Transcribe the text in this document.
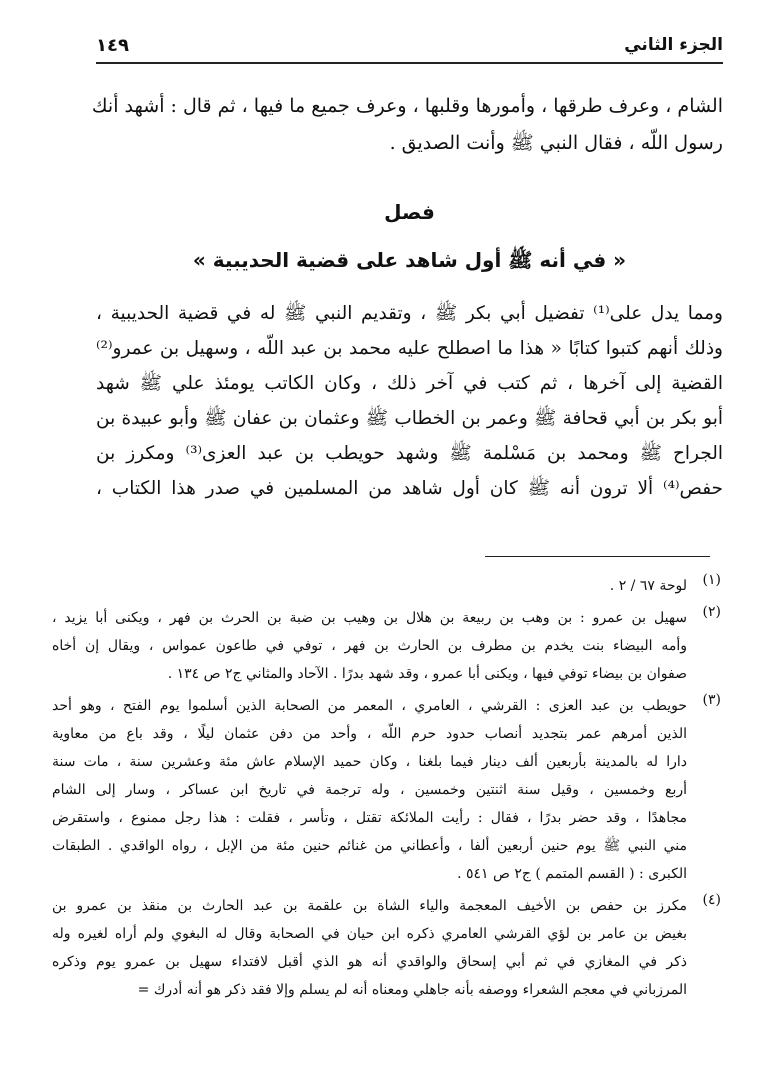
الجزء الثاني
١٤٩
الشام ، وعرف طرقها ، وأمورها وقلبها ، وعرف جميع ما فيها ، ثم قال : أشهد أنك
رسول اللّه ، فقال النبي ﷺ وأنت الصديق .
فصل
« في أنه ﷺ أول شاهد على قضية الحديبية »
ومما يدل على⁽¹⁾ تفضيل أبي بكر ﷺ ، وتقديم النبي ﷺ له في قضية الحديبية ،
وذلك أنهم كتبوا كتابًا « هذا ما اصطلح عليه محمد بن عبد اللّه ، وسهيل بن عمرو⁽²⁾
القضية إلى آخرها ، ثم كتب في آخر ذلك ، وكان الكاتب يومئذ علي ﷺ شهد
أبو بكر بن أبي قحافة ﷺ وعمر بن الخطاب ﷺ وعثمان بن عفان ﷺ وأبو عبيدة بن
الجراح ﷺ ومحمد بن مَسْلمة ﷺ وشهد حويطب بن عبد العزى⁽³⁾ ومكرز بن
حفص⁽⁴⁾ ألا ترون أنه ﷺ كان أول شاهد من المسلمين في صدر هذا الكتاب ،
(١)
لوحة ٦٧ / ٢ .
(٢)
سهيل بن عمرو : بن وهب بن ربيعة بن هلال بن وهيب بن ضبة بن الحرث بن فهر ، ويكنى أبا يزيد ،
وأمه البيضاء بنت يخدم بن مطرف بن الحارث بن فهر ، توفي في طاعون عمواس ، ويقال إن أخاه
صفوان بن بيضاء توفي فيها ، ويكنى أبا عمرو ، وقد شهد بدرًا . الآحاد والمثاني ج٢ ص ١٣٤ .
(٣)
حويطب بن عبد العزى : القرشي ، العامري ، المعمر من الصحابة الذين أسلموا يوم الفتح ، وهو أحد
الذين أمرهم عمر بتجديد أنصاب حدود حرم اللّه ، وأحد من دفن عثمان ليلًا ، وقد باع من معاوية
دارا له بالمدينة بأربعين ألف دينار فيما بلغنا ، وكان حميد الإسلام عاش مئة وعشرين سنة ، مات سنة
أربع وخمسين ، وقيل سنة اثنتين وخمسين ، وله ترجمة في تاريخ ابن عساكر ، وسار إلى الشام
مجاهدًا ، وقد حضر بدرًا ، فقال : رأيت الملائكة تقتل ، وتأسر ، فقلت : هذا رجل ممنوع ، واستقرض
مني النبي ﷺ يوم حنين أربعين ألفا ، وأعطاني من غنائم حنين مئة من الإبل ، رواه الواقدي . الطبقات
الكبرى : ( القسم المتمم ) ج٢ ص ٥٤١ .
(٤)
مكرز بن حفص بن الأخيف المعجمة والياء الشاة بن علقمة بن عبد الحارث بن منقذ بن عمرو بن
بغيض بن عامر بن لؤي القرشي العامري ذكره ابن حيان في الصحابة وقال له البغوي ولم أراه لغيره وله
ذكر في المغازي في ثم أبي إسحاق والواقدي أنه هو الذي أقبل لافتداء سهيل بن عمرو يوم وذكره
المرزباني في معجم الشعراء ووصفه بأنه جاهلي ومعناه أنه لم يسلم وإلا فقد ذكر هو أنه أدرك =
